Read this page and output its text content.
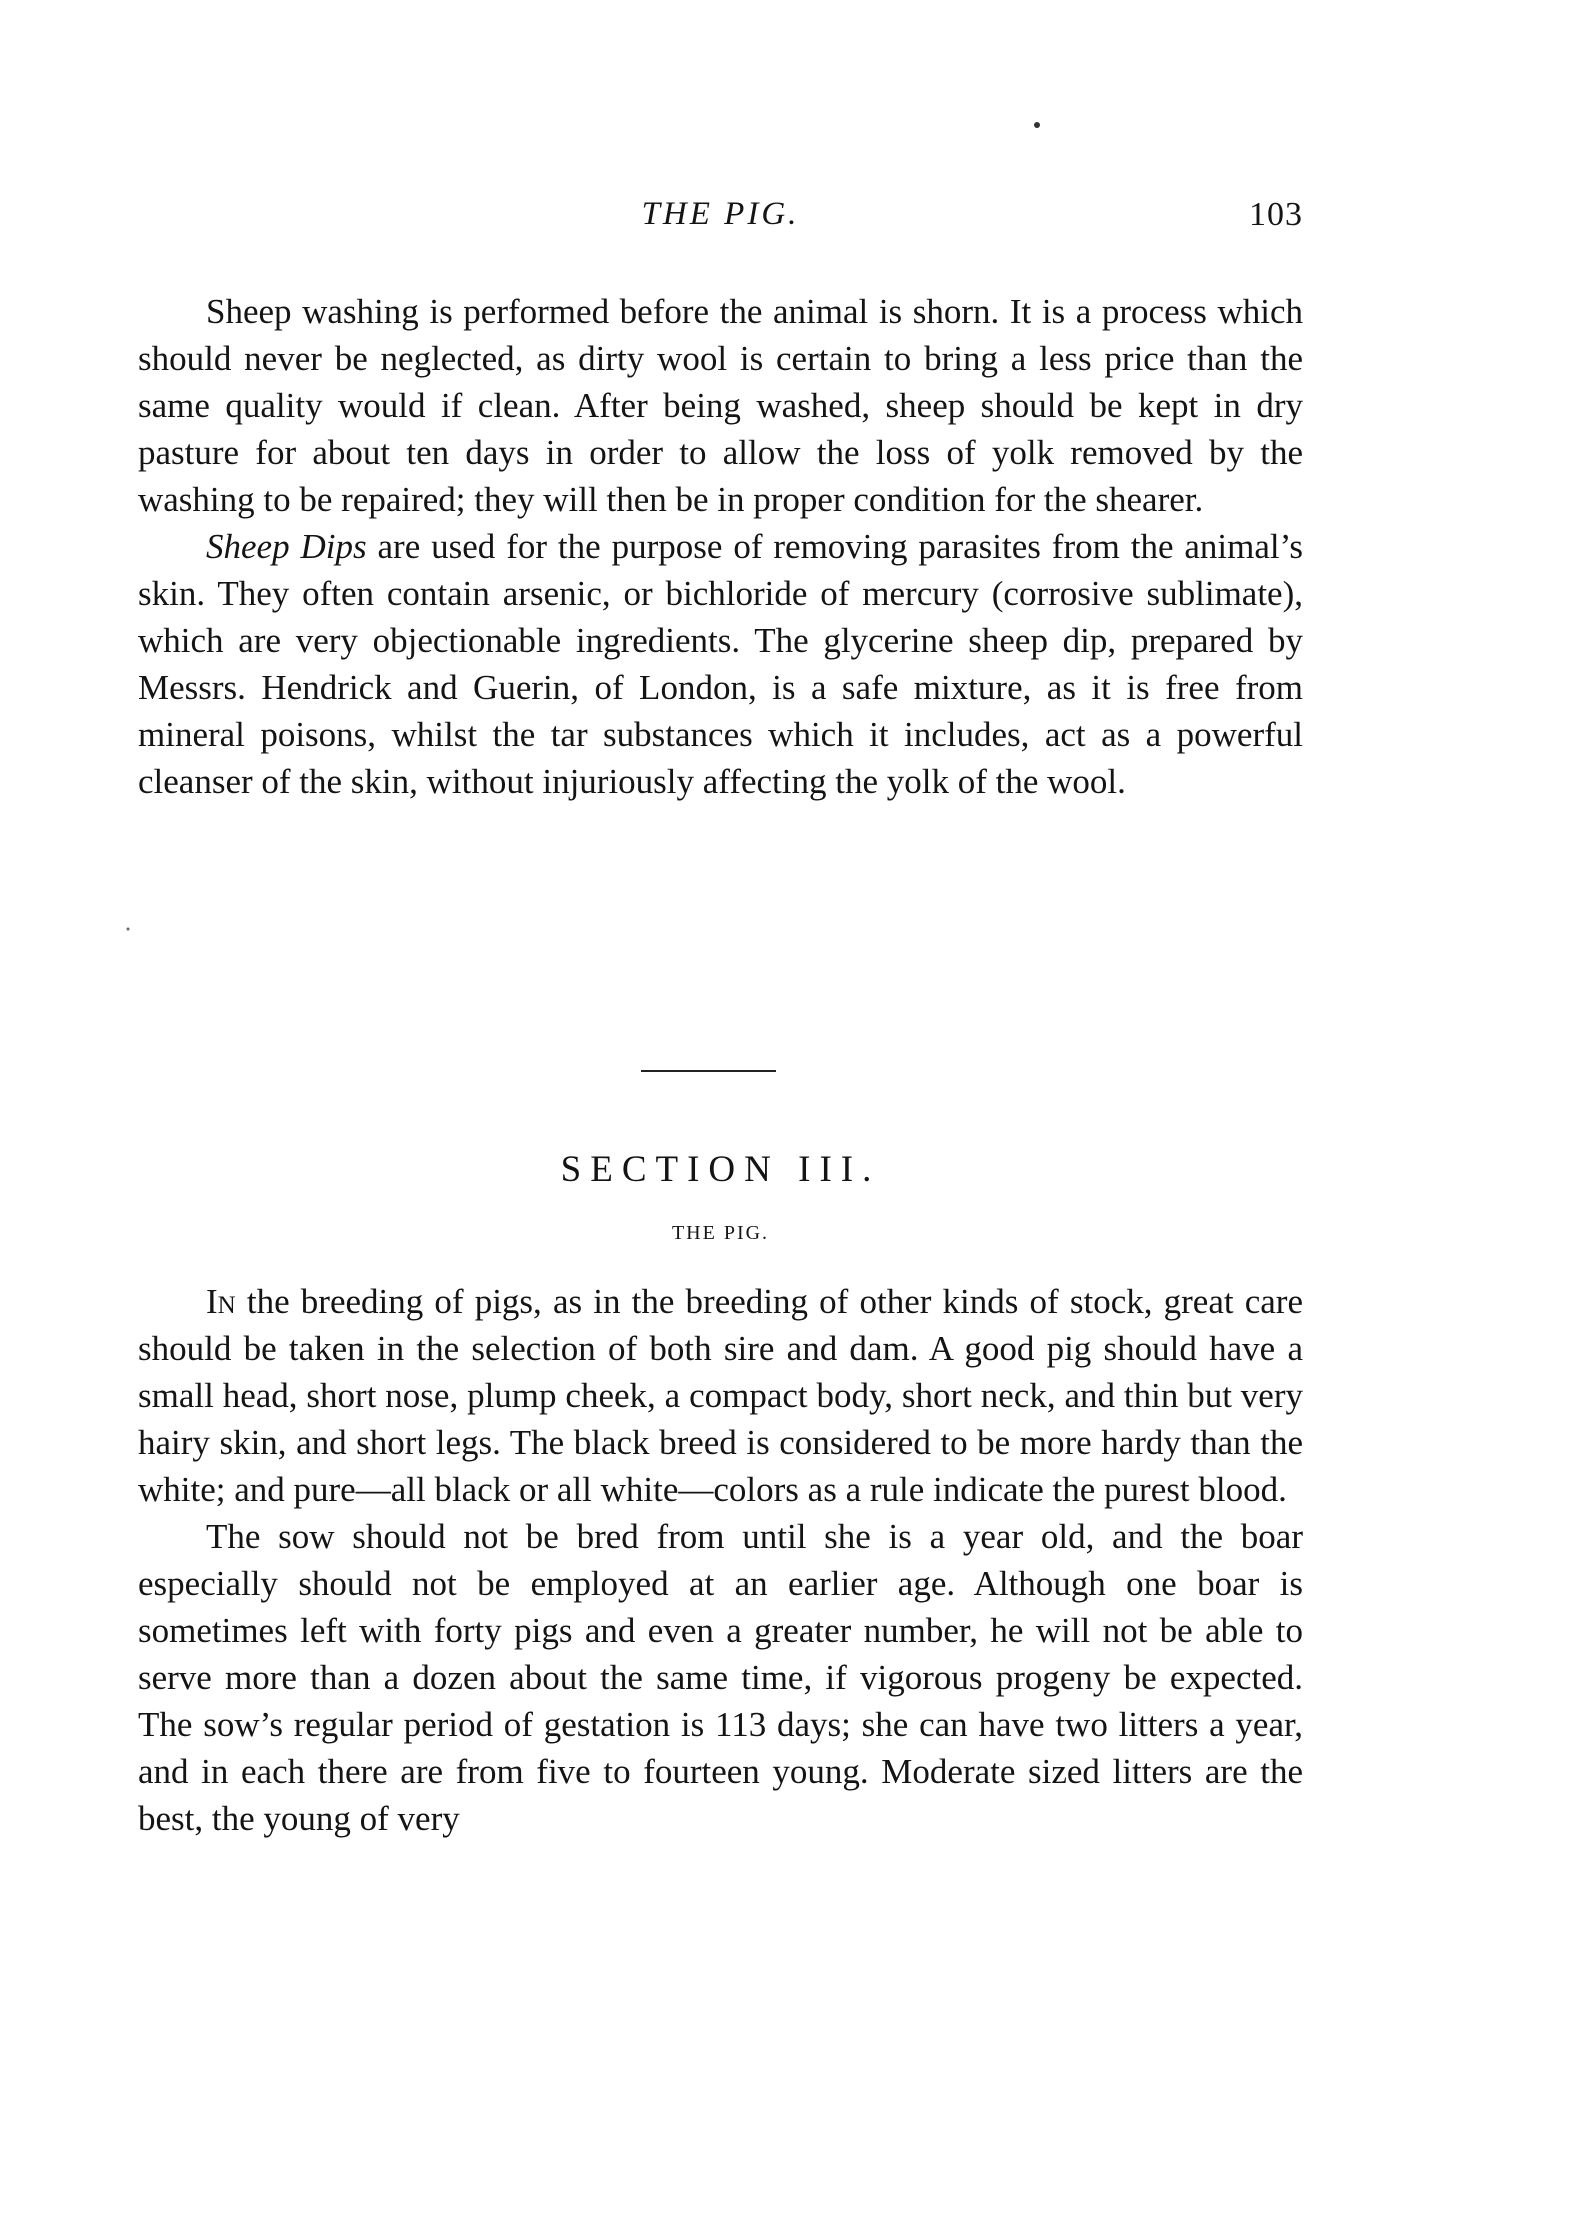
THE PIG.	103

Sheep washing is performed before the animal is shorn. It is a process which should never be neglected, as dirty wool is certain to bring a less price than the same quality would if clean. After being washed, sheep should be kept in dry pasture for about ten days in order to allow the loss of yolk removed by the washing to be repaired; they will then be in proper condition for the shearer.

Sheep Dips are used for the purpose of removing parasites from the animal’s skin. They often contain arsenic, or bichloride of mercury (corrosive sublimate), which are very objectionable ingredients. The glycerine sheep dip, prepared by Messrs. Hendrick and Guerin, of London, is a safe mixture, as it is free from mineral poisons, whilst the tar substances which it includes, act as a powerful cleanser of the skin, without injuriously affecting the yolk of the wool.

SECTION III.
THE PIG.

In the breeding of pigs, as in the breeding of other kinds of stock, great care should be taken in the selection of both sire and dam. A good pig should have a small head, short nose, plump cheek, a compact body, short neck, and thin but very hairy skin, and short legs. The black breed is considered to be more hardy than the white; and pure—all black or all white—colors as a rule indicate the purest blood.

The sow should not be bred from until she is a year old, and the boar especially should not be employed at an earlier age. Although one boar is sometimes left with forty pigs and even a greater number, he will not be able to serve more than a dozen about the same time, if vigorous progeny be expected. The sow’s regular period of gestation is 113 days; she can have two litters a year, and in each there are from five to fourteen young. Moderate sized litters are the best, the young of very
